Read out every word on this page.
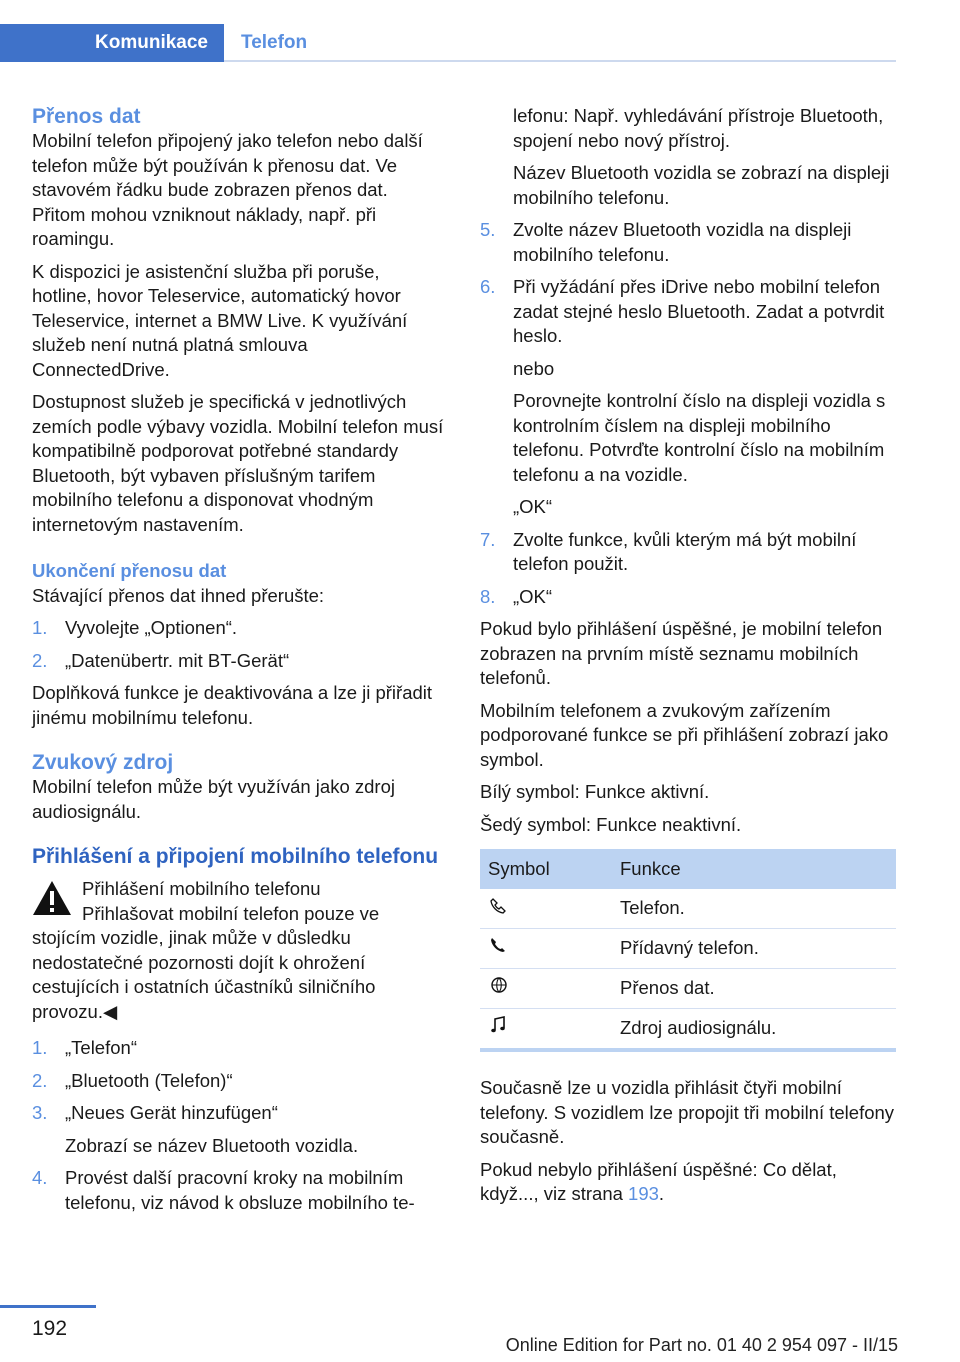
Komunikace Telefon
Přenos dat

Mobilní telefon připojený jako telefon nebo další telefon může být používán k přenosu dat. Ve stavovém řádku bude zobrazen přenos dat. Přitom mohou vzniknout náklady, např. při roamingu.

K dispozici je asistenční služba při poruše, hotline, hovor Teleservice, automatický hovor Teleservice, internet a BMW Live. K využívání služeb není nutná platná smlouva ConnectedDrive.

Dostupnost služeb je specifická v jednotlivých zemích podle výbavy vozidla. Mobilní telefon musí kompatibilně podporovat potřebné standardy Bluetooth, být vybaven příslušným tarifem mobilního telefonu a disponovat vhodným internetovým nastavením.

Ukončení přenosu dat

Stávající přenos dat ihned přerušte:

1. Vyvolejte „Optionen“.
2. „Datenübertr. mit BT-Gerät“

Doplňková funkce je deaktivována a lze ji přiřadit jinému mobilnímu telefonu.

Zvukový zdroj

Mobilní telefon může být využíván jako zdroj audiosignálu.

Přihlášení a připojení mobilního telefonu
Přihlášení mobilního telefonu

Přihlašovat mobilní telefon pouze ve stojícím vozidle, jinak může v důsledku nedostatečné pozornosti dojít k ohrožení cestujících i ostatních účastníků silničního provozu.◀

1. „Telefon“
2. „Bluetooth (Telefon)“
3. „Neues Gerät hinzufügen“
Zobrazí se název Bluetooth vozidla.
4. Provést další pracovní kroky na mobilním telefonu, viz návod k obsluze mobilního te-
lefonu: Např. vyhledávání přístroje Bluetooth, spojení nebo nový přístroj.
Název Bluetooth vozidla se zobrazí na displeji mobilního telefonu.
5. Zvolte název Bluetooth vozidla na displeji mobilního telefonu.
6. Při vyžádání přes iDrive nebo mobilní telefon zadat stejné heslo Bluetooth. Zadat a potvrdit heslo.
nebo
Porovnejte kontrolní číslo na displeji vozidla s kontrolním číslem na displeji mobilního telefonu. Potvrďte kontrolní číslo na mobilním telefonu a na vozidle.
„OK“
7. Zvolte funkce, kvůli kterým má být mobilní telefon použit.
8. „OK“

Pokud bylo přihlášení úspěšné, je mobilní telefon zobrazen na prvním místě seznamu mobilních telefonů.

Mobilním telefonem a zvukovým zařízením podporované funkce se při přihlášení zobrazí jako symbol.

Bílý symbol: Funkce aktivní.

Šedý symbol: Funkce neaktivní.

Symbol	Funkce
	Telefon.
	Přídavný telefon.
	Přenos dat.
	Zdroj audiosignálu.

Současně lze u vozidla přihlásit čtyři mobilní telefony. S vozidlem lze propojit tři mobilní telefony současně.

Pokud nebylo přihlášení úspěšné: Co dělat, když..., viz strana 193.

192
Online Edition for Part no. 01 40 2 954 097 - II/15
